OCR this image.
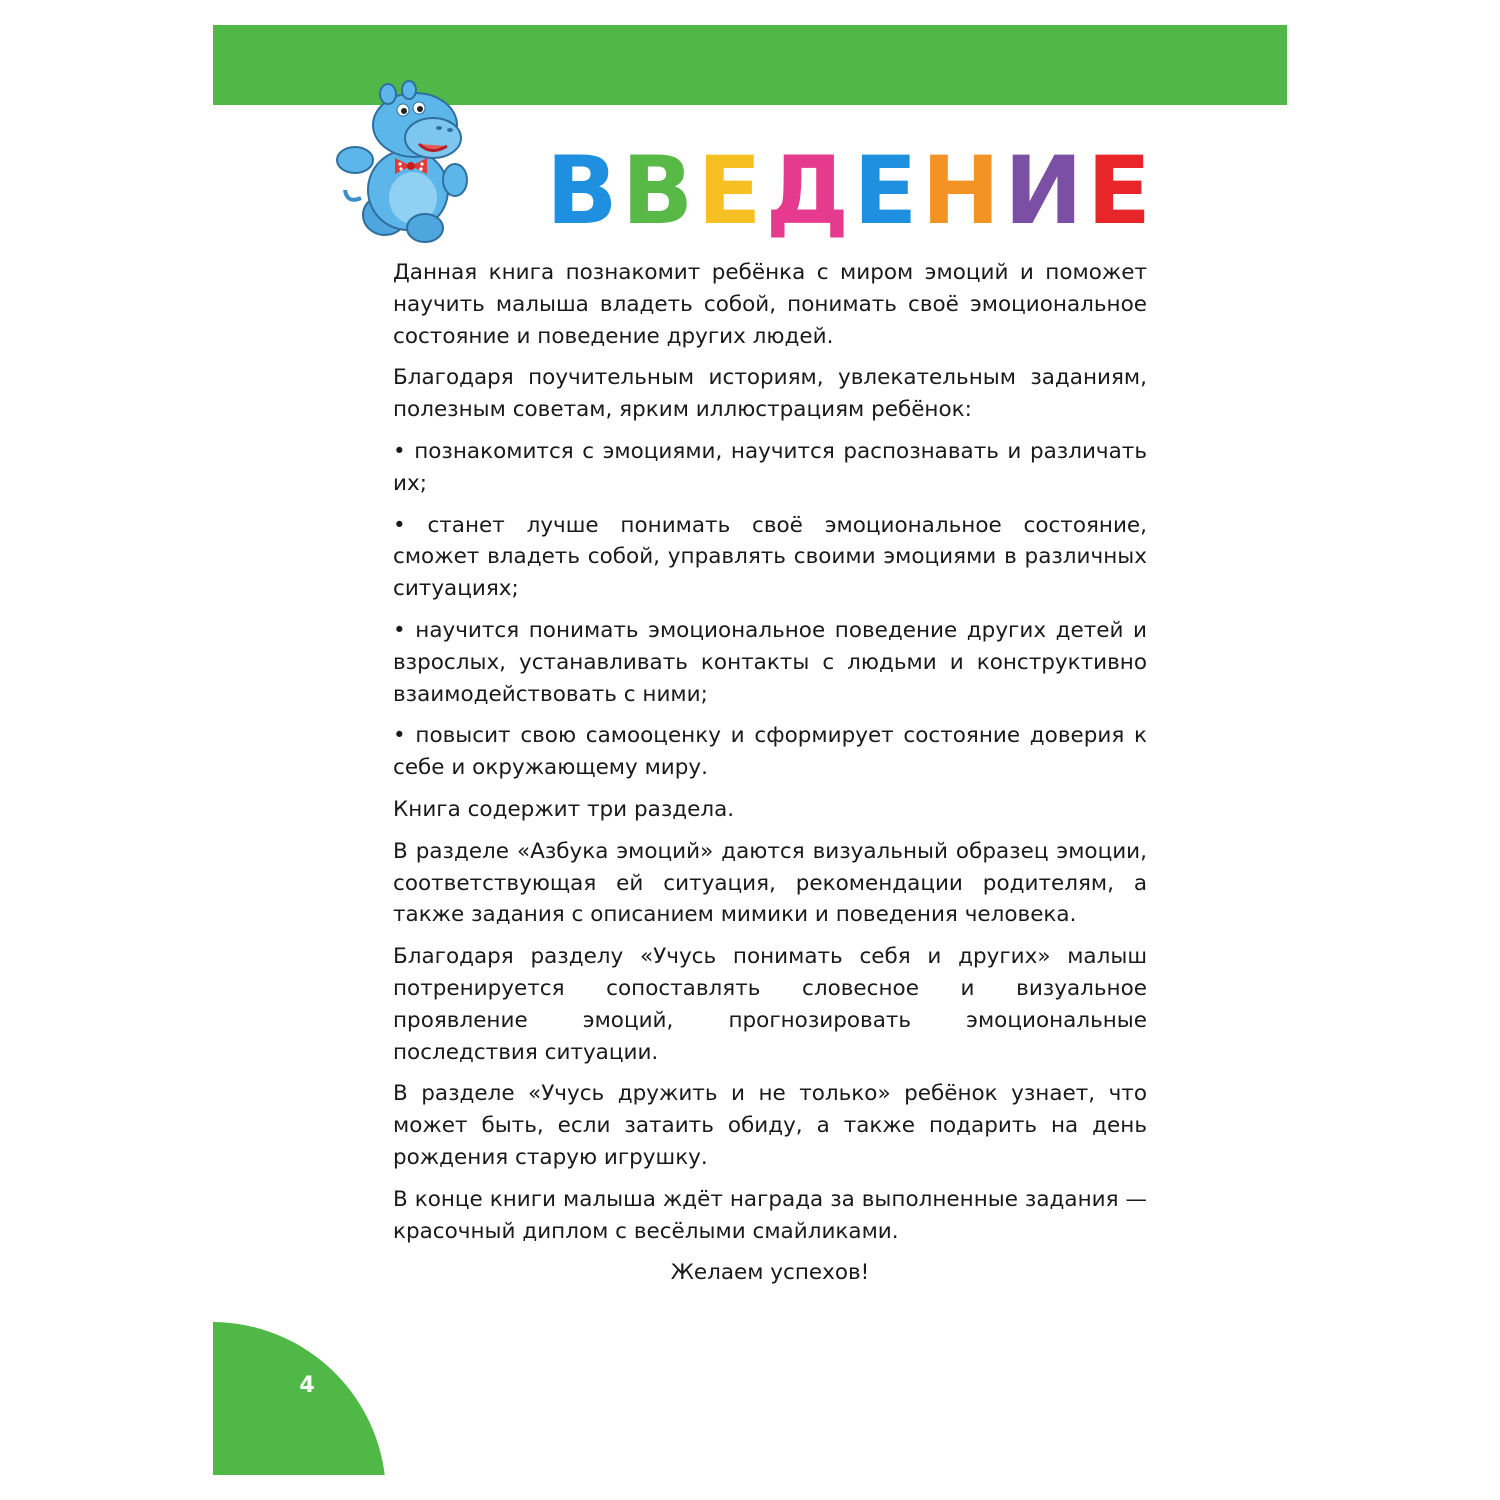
В В Е Д Е Н И Е

Данная книга познакомит ребёнка с миром эмоций и поможет научить малыша владеть собой, понимать своё эмоциональное состояние и поведение других людей.

Благодаря поучительным историям, увлекательным заданиям, полезным советам, ярким иллюстрациям ребёнок:

• познакомится с эмоциями, научится распознавать и различать их;

• станет лучше понимать своё эмоциональное состояние, сможет владеть собой, управлять своими эмоциями в различных ситуациях;

• научится понимать эмоциональное поведение других детей и взрослых, устанавливать контакты с людьми и конструктивно взаимодействовать с ними;

• повысит свою самооценку и сформирует состояние доверия к себе и окружающему миру.

Книга содержит три раздела.

В разделе «Азбука эмоций» даются визуальный образец эмоции, соответствующая ей ситуация, рекомендации родителям, а также задания с описанием мимики и поведения человека.

Благодаря разделу «Учусь понимать себя и других» малыш потренируется сопоставлять словесное и визуальное проявление эмоций, прогнозировать эмоциональные последствия ситуации.

В разделе «Учусь дружить и не только» ребёнок узнает, что может быть, если затаить обиду, а также подарить на день рождения старую игрушку.

В конце книги малыша ждёт награда за выполненные задания — красочный диплом с весёлыми смайликами.

Желаем успехов!

4
